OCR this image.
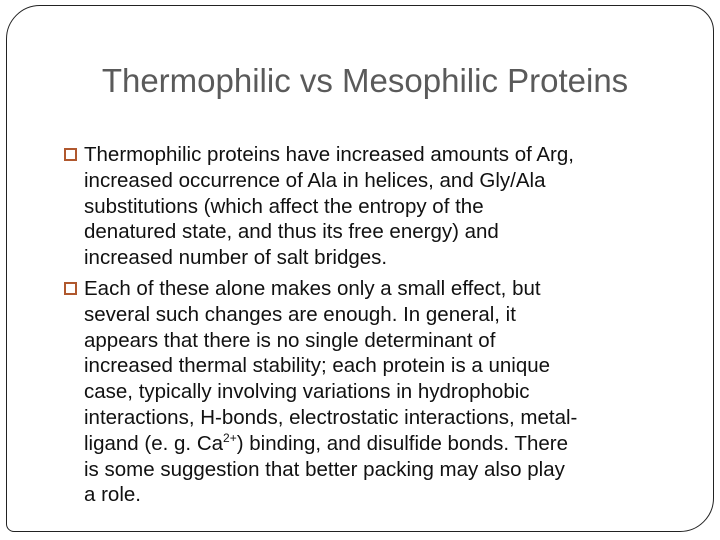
Thermophilic vs Mesophilic Proteins
Thermophilic proteins have increased amounts of Arg,
increased occurrence of Ala in helices, and Gly/Ala
substitutions (which affect the entropy of the
denatured state, and thus its free energy) and
increased number of salt bridges.
Each of these alone makes only a small effect, but
several such changes are enough. In general, it
appears that there is no single determinant of
increased thermal stability; each protein is a unique
case, typically involving variations in hydrophobic
interactions, H-bonds, electrostatic interactions, metal-
ligand (e. g. $Ca^{2+}$) binding, and disulfide bonds. There
is some suggestion that better packing may also play
a role.
